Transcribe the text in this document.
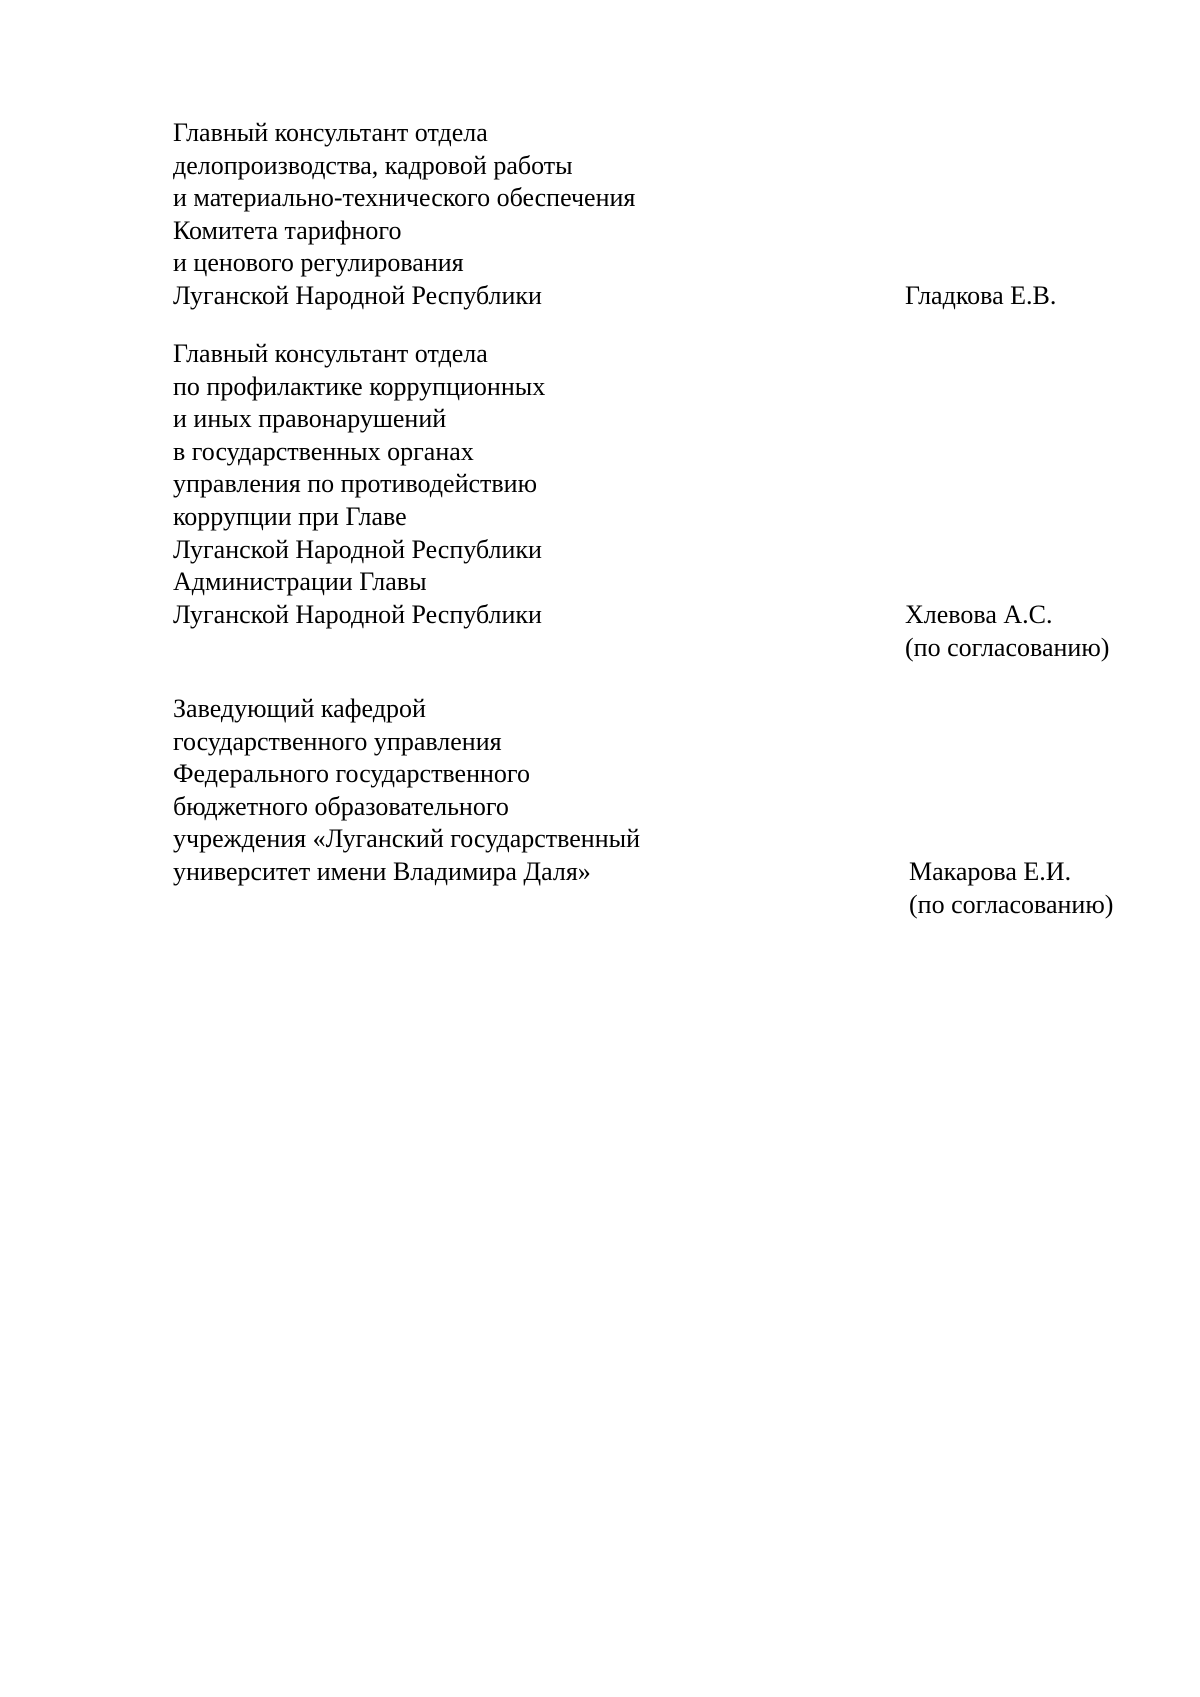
Главный консультант отдела
делопроизводства, кадровой работы
и материально-технического обеспечения
Комитета тарифного
и ценового регулирования
Луганской Народной Республики	Гладкова Е.В.
Главный консультант отдела
по профилактике коррупционных
и иных правонарушений
в государственных органах
управления по противодействию
коррупции при Главе
Луганской Народной Республики
Администрации Главы
Луганской Народной Республики	Хлевова А.С.
(по согласованию)
Заведующий кафедрой
государственного управления
Федерального государственного
бюджетного образовательного
учреждения «Луганский государственный
университет имени Владимира Даля»	Макарова Е.И.
(по согласованию)
